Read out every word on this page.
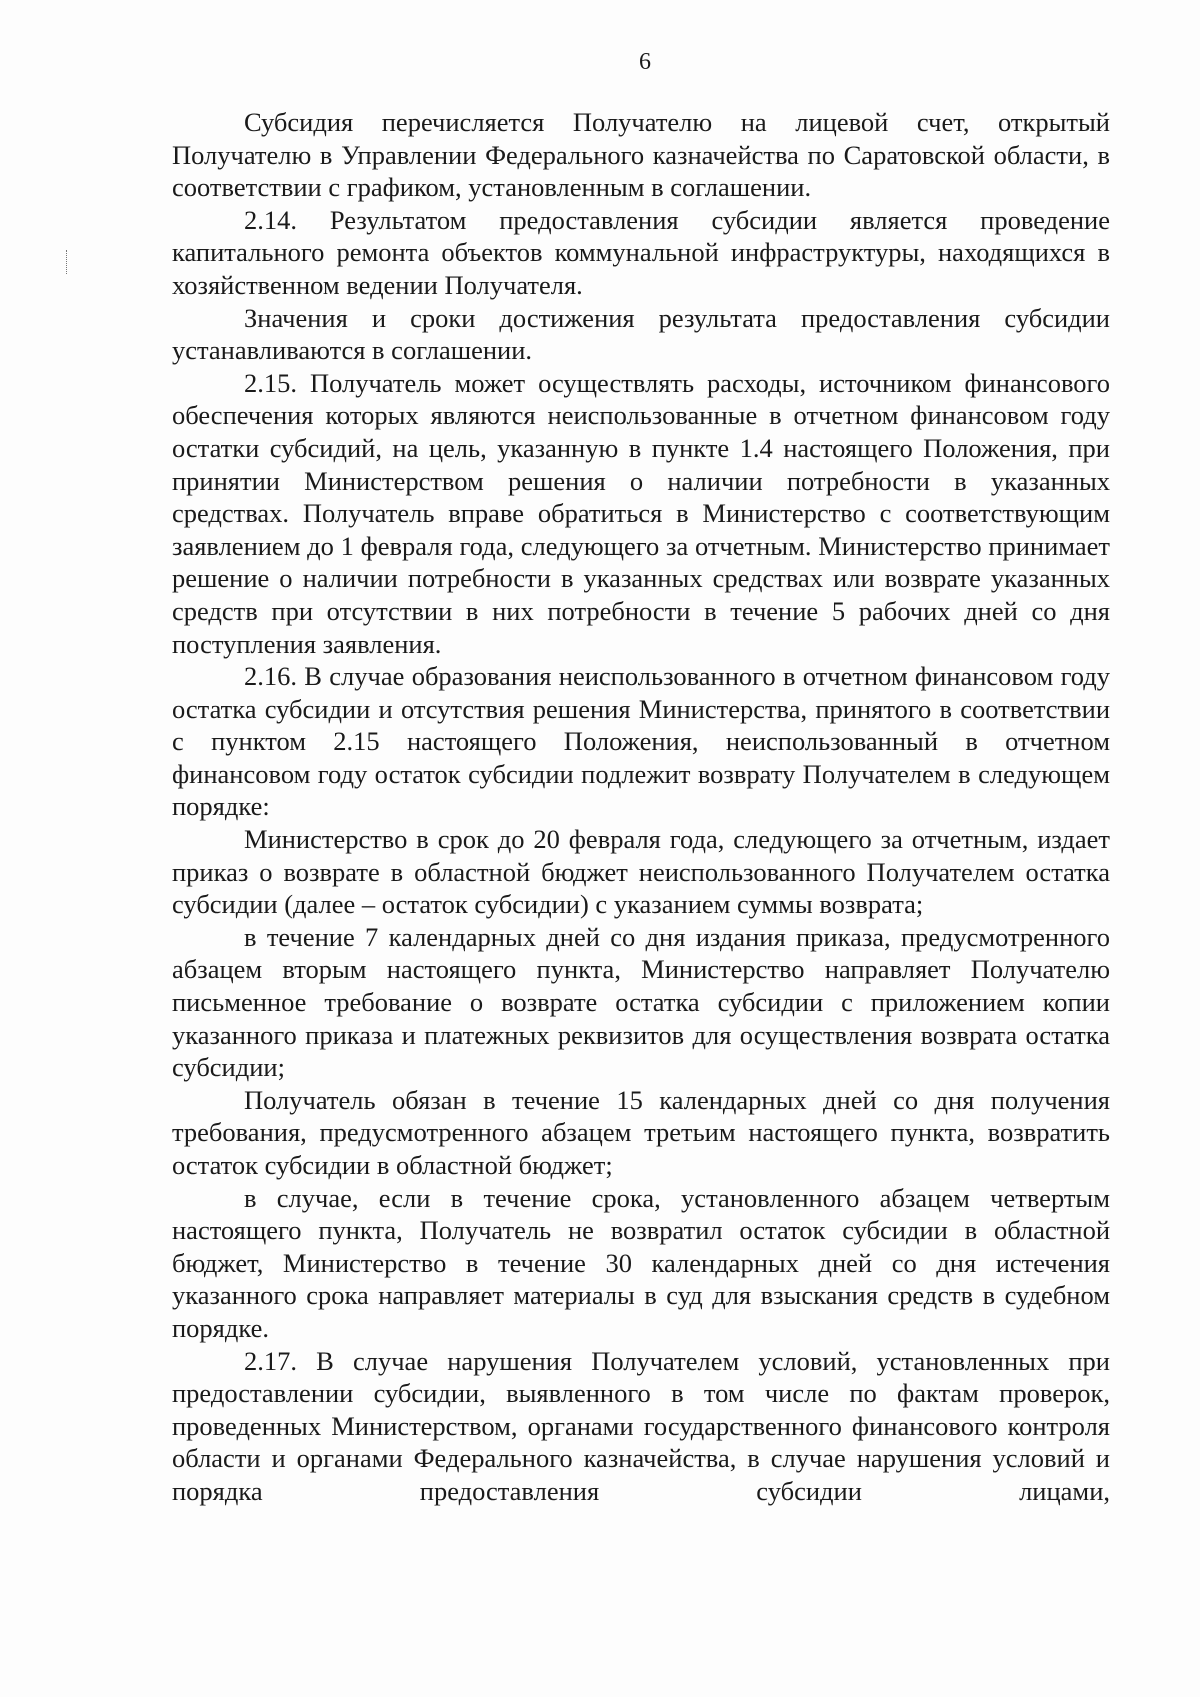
6

Субсидия перечисляется Получателю на лицевой счет, открытый Получателю в Управлении Федерального казначейства по Саратовской области, в соответствии с графиком, установленным в соглашении.

2.14. Результатом предоставления субсидии является проведение капитального ремонта объектов коммунальной инфраструктуры, находящихся в хозяйственном ведении Получателя.

Значения и сроки достижения результата предоставления субсидии устанавливаются в соглашении.

2.15. Получатель может осуществлять расходы, источником финансового обеспечения которых являются неиспользованные в отчетном финансовом году остатки субсидий, на цель, указанную в пункте 1.4 настоящего Положения, при принятии Министерством решения о наличии потребности в указанных средствах. Получатель вправе обратиться в Министерство с соответствующим заявлением до 1 февраля года, следующего за отчетным. Министерство принимает решение о наличии потребности в указанных средствах или возврате указанных средств при отсутствии в них потребности в течение 5 рабочих дней со дня поступления заявления.

2.16. В случае образования неиспользованного в отчетном финансовом году остатка субсидии и отсутствия решения Министерства, принятого в соответствии с пунктом 2.15 настоящего Положения, неиспользованный в отчетном финансовом году остаток субсидии подлежит возврату Получателем в следующем порядке:

Министерство в срок до 20 февраля года, следующего за отчетным, издает приказ о возврате в областной бюджет неиспользованного Получателем остатка субсидии (далее – остаток субсидии) с указанием суммы возврата;

в течение 7 календарных дней со дня издания приказа, предусмотренного абзацем вторым настоящего пункта, Министерство направляет Получателю письменное требование о возврате остатка субсидии с приложением копии указанного приказа и платежных реквизитов для осуществления возврата остатка субсидии;

Получатель обязан в течение 15 календарных дней со дня получения требования, предусмотренного абзацем третьим настоящего пункта, возвратить остаток субсидии в областной бюджет;

в случае, если в течение срока, установленного абзацем четвертым настоящего пункта, Получатель не возвратил остаток субсидии в областной бюджет, Министерство в течение 30 календарных дней со дня истечения указанного срока направляет материалы в суд для взыскания средств в судебном порядке.

2.17. В случае нарушения Получателем условий, установленных при предоставлении субсидии, выявленного в том числе по фактам проверок, проведенных Министерством, органами государственного финансового контроля области и органами Федерального казначейства, в случае нарушения условий и порядка предоставления субсидии лицами,
